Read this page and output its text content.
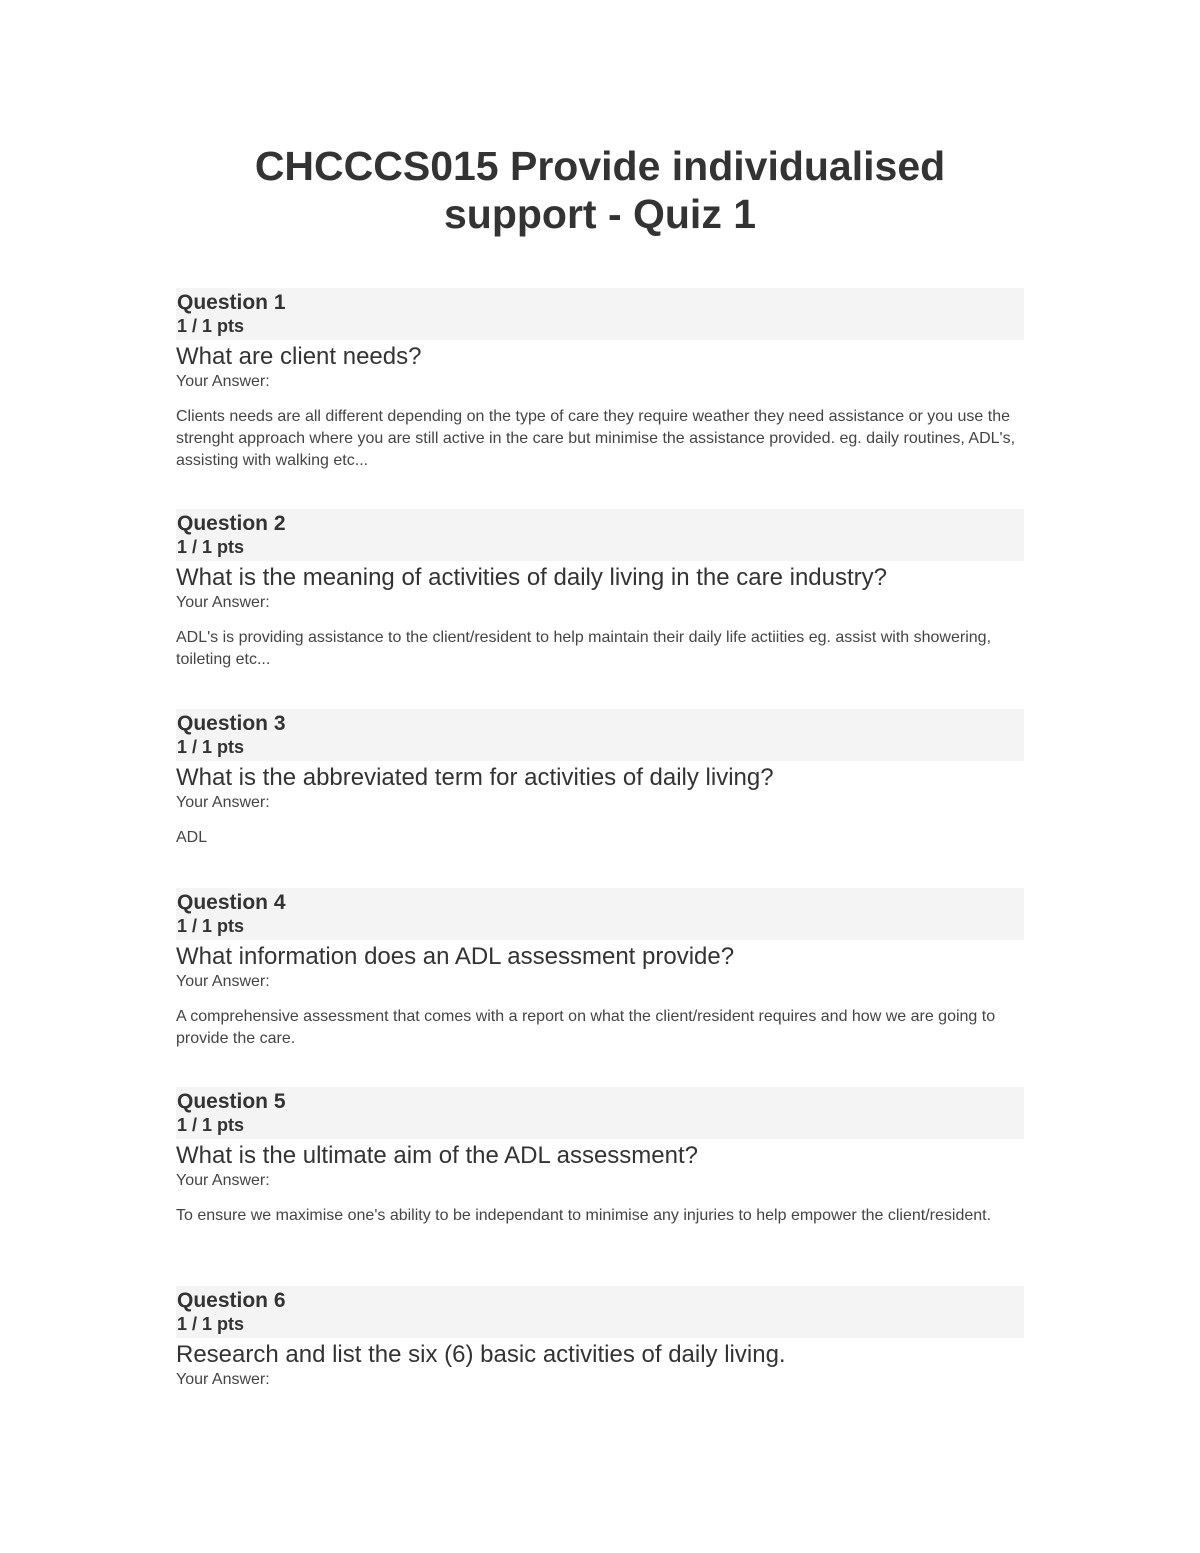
CHCCCS015 Provide individualised
support - Quiz 1
Question 1
1 / 1 pts
What are client needs?
Your Answer:
Clients needs are all different depending on the type of care they require weather they need assistance or you use the strenght approach where you are still active in the care but minimise the assistance provided. eg. daily routines, ADL's, assisting with walking etc...
Question 2
1 / 1 pts
What is the meaning of activities of daily living in the care industry?
Your Answer:
ADL's is providing assistance to the client/resident to help maintain their daily life actiities eg. assist with showering, toileting etc...
Question 3
1 / 1 pts
What is the abbreviated term for activities of daily living?
Your Answer:
ADL
Question 4
1 / 1 pts
What information does an ADL assessment provide?
Your Answer:
A comprehensive assessment that comes with a report on what the client/resident requires and how we are going to provide the care.
Question 5
1 / 1 pts
What is the ultimate aim of the ADL assessment?
Your Answer:
To ensure we maximise one's ability to be independant to minimise any injuries to help empower the client/resident.
Question 6
1 / 1 pts
Research and list the six (6) basic activities of daily living.
Your Answer:
